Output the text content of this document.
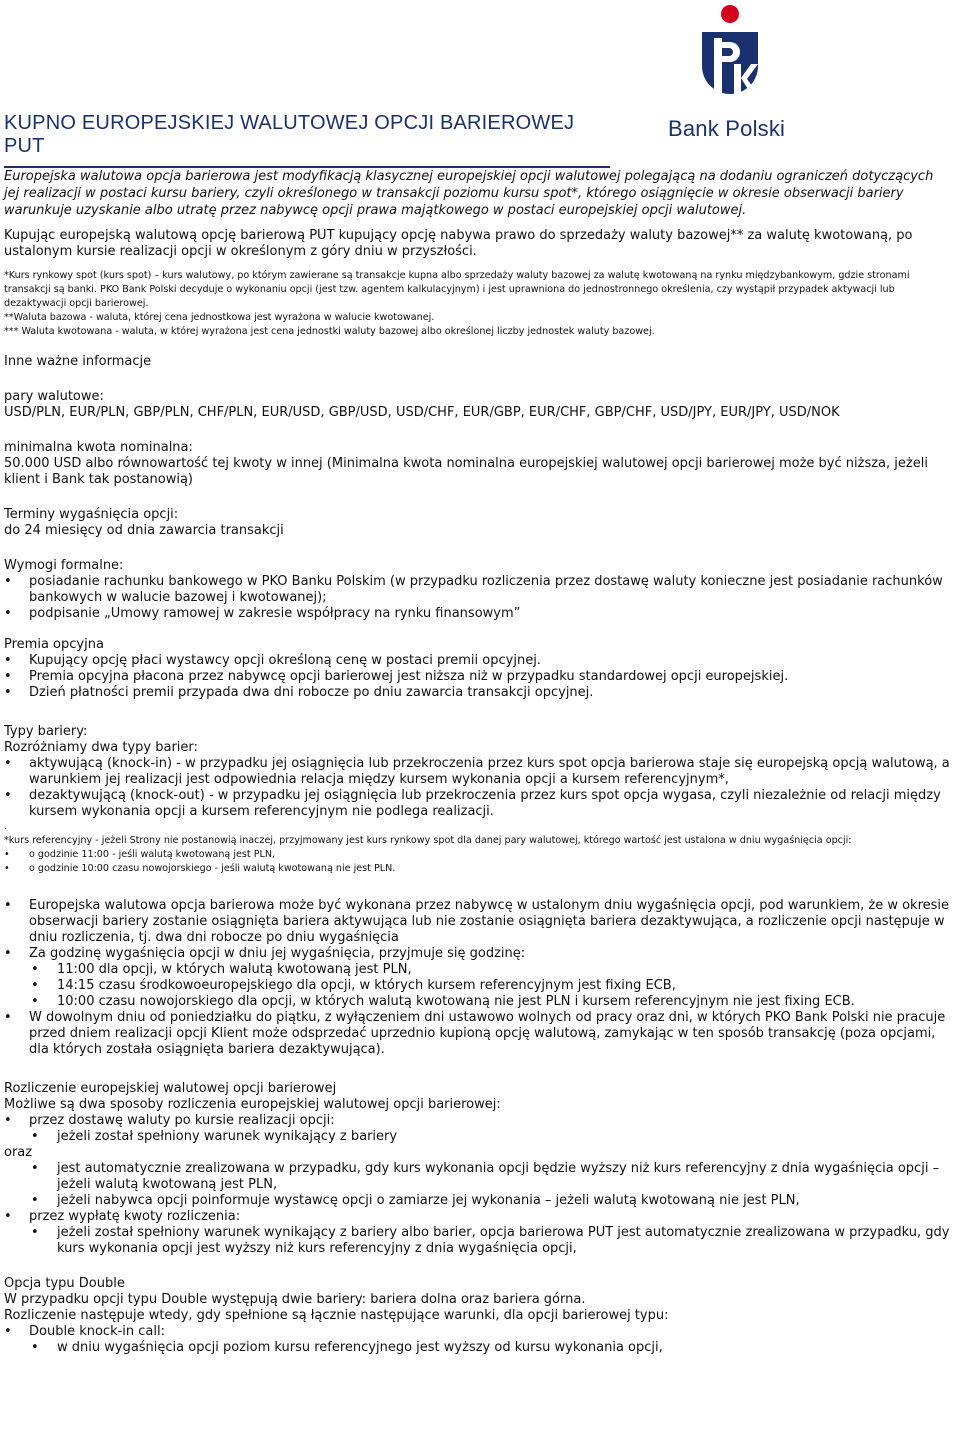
Bank Polski
KUPNO EUROPEJSKIEJ WALUTOWEJ OPCJI BARIEROWEJ PUT

Europejska walutowa opcja barierowa jest modyfikacją klasycznej europejskiej opcji walutowej polegającą na dodaniu ograniczeń dotyczących jej realizacji w postaci kursu bariery, czyli określonego w transakcji poziomu kursu spot*, którego osiągnięcie w okresie obserwacji bariery warunkuje uzyskanie albo utratę przez nabywcę opcji prawa majątkowego w postaci europejskiej opcji walutowej.

Kupując europejską walutową opcję barierową PUT kupujący opcję nabywa prawo do sprzedaży waluty bazowej** za walutę kwotowaną, po ustalonym kursie realizacji opcji w określonym z góry dniu w przyszłości.

*Kurs rynkowy spot (kurs spot) – kurs walutowy, po którym zawierane są transakcje kupna albo sprzedaży waluty bazowej za walutę kwotowaną na rynku międzybankowym, gdzie stronami transakcji są banki. PKO Bank Polski decyduje o wykonaniu opcji (jest tzw. agentem kalkulacyjnym) i jest uprawniona do jednostronnego określenia, czy wystąpił przypadek aktywacji lub dezaktywacji opcji barierowej.

**Waluta bazowa - waluta, której cena jednostkowa jest wyrażona w walucie kwotowanej.

*** Waluta kwotowana - waluta, w której wyrażona jest cena jednostki waluty bazowej albo określonej liczby jednostek waluty bazowej.

Inne ważne informacje

pary walutowe:

USD/PLN, EUR/PLN, GBP/PLN, CHF/PLN, EUR/USD, GBP/USD, USD/CHF, EUR/GBP, EUR/CHF, GBP/CHF, USD/JPY, EUR/JPY, USD/NOK

minimalna kwota nominalna:

50.000 USD albo równowartość tej kwoty w innej (Minimalna kwota nominalna europejskiej walutowej opcji barierowej może być niższa, jeżeli klient i Bank tak postanowią)

Terminy wygaśnięcia opcji:

do 24 miesięcy od dnia zawarcia transakcji

Wymogi formalne:

• posiadanie rachunku bankowego w PKO Banku Polskim (w przypadku rozliczenia przez dostawę waluty konieczne jest posiadanie rachunków bankowych w walucie bazowej i kwotowanej);
• podpisanie „Umowy ramowej w zakresie współpracy na rynku finansowym”

Premia opcyjna

• Kupujący opcję płaci wystawcy opcji określoną cenę w postaci premii opcyjnej.
• Premia opcyjna płacona przez nabywcę opcji barierowej jest niższa niż w przypadku standardowej opcji europejskiej.
• Dzień płatności premii przypada dwa dni robocze po dniu zawarcia transakcji opcyjnej.

Typy bariery:

Rozróżniamy dwa typy barier:

• aktywującą (knock-in) - w przypadku jej osiągnięcia lub przekroczenia przez kurs spot opcja barierowa staje się europejską opcją walutową, a warunkiem jej realizacji jest odpowiednia relacja między kursem wykonania opcji a kursem referencyjnym*,
• dezaktywującą (knock-out) - w przypadku jej osiągnięcia lub przekroczenia przez kurs spot opcja wygasa, czyli niezależnie od relacji między kursem wykonania opcji a kursem referencyjnym nie podlega realizacji.

.

*kurs referencyjny - jeżeli Strony nie postanowią inaczej, przyjmowany jest kurs rynkowy spot dla danej pary walutowej, którego wartość jest ustalona w dniu wygaśnięcia opcji:

• o godzinie 11:00 - jeśli walutą kwotowaną jest PLN,
• o godzinie 10:00 czasu nowojorskiego - jeśli walutą kwotowaną nie jest PLN.
• Europejska walutowa opcja barierowa może być wykonana przez nabywcę w ustalonym dniu wygaśnięcia opcji, pod warunkiem, że w okresie obserwacji bariery zostanie osiągnięta bariera aktywująca lub nie zostanie osiągnięta bariera dezaktywująca, a rozliczenie opcji następuje w dniu rozliczenia, tj. dwa dni robocze po dniu wygaśnięcia
• Za godzinę wygaśnięcia opcji w dniu jej wygaśnięcia, przyjmuje się godzinę:
• 11:00 dla opcji, w których walutą kwotowaną jest PLN,
• 14:15 czasu środkowoeuropejskiego dla opcji, w których kursem referencyjnym jest fixing ECB,
• 10:00 czasu nowojorskiego dla opcji, w których walutą kwotowaną nie jest PLN i kursem referencyjnym nie jest fixing ECB.
• W dowolnym dniu od poniedziałku do piątku, z wyłączeniem dni ustawowo wolnych od pracy oraz dni, w których PKO Bank Polski nie pracuje przed dniem realizacji opcji Klient może odsprzedać uprzednio kupioną opcję walutową, zamykając w ten sposób transakcję (poza opcjami, dla których została osiągnięta bariera dezaktywująca).

Rozliczenie europejskiej walutowej opcji barierowej

Możliwe są dwa sposoby rozliczenia europejskiej walutowej opcji barierowej:

• przez dostawę waluty po kursie realizacji opcji:
• jeżeli został spełniony warunek wynikający z bariery

oraz

• jest automatycznie zrealizowana w przypadku, gdy kurs wykonania opcji będzie wyższy niż kurs referencyjny z dnia wygaśnięcia opcji – jeżeli walutą kwotowaną jest PLN,
• jeżeli nabywca opcji poinformuje wystawcę opcji o zamiarze jej wykonania – jeżeli walutą kwotowaną nie jest PLN,
• przez wypłatę kwoty rozliczenia:
• jeżeli został spełniony warunek wynikający z bariery albo barier, opcja barierowa PUT jest automatycznie zrealizowana w przypadku, gdy kurs wykonania opcji jest wyższy niż kurs referencyjny z dnia wygaśnięcia opcji,

Opcja typu Double

W przypadku opcji typu Double występują dwie bariery: bariera dolna oraz bariera górna.

Rozliczenie następuje wtedy, gdy spełnione są łącznie następujące warunki, dla opcji barierowej typu:

• Double knock-in call:
• w dniu wygaśnięcia opcji poziom kursu referencyjnego jest wyższy od kursu wykonania opcji,
